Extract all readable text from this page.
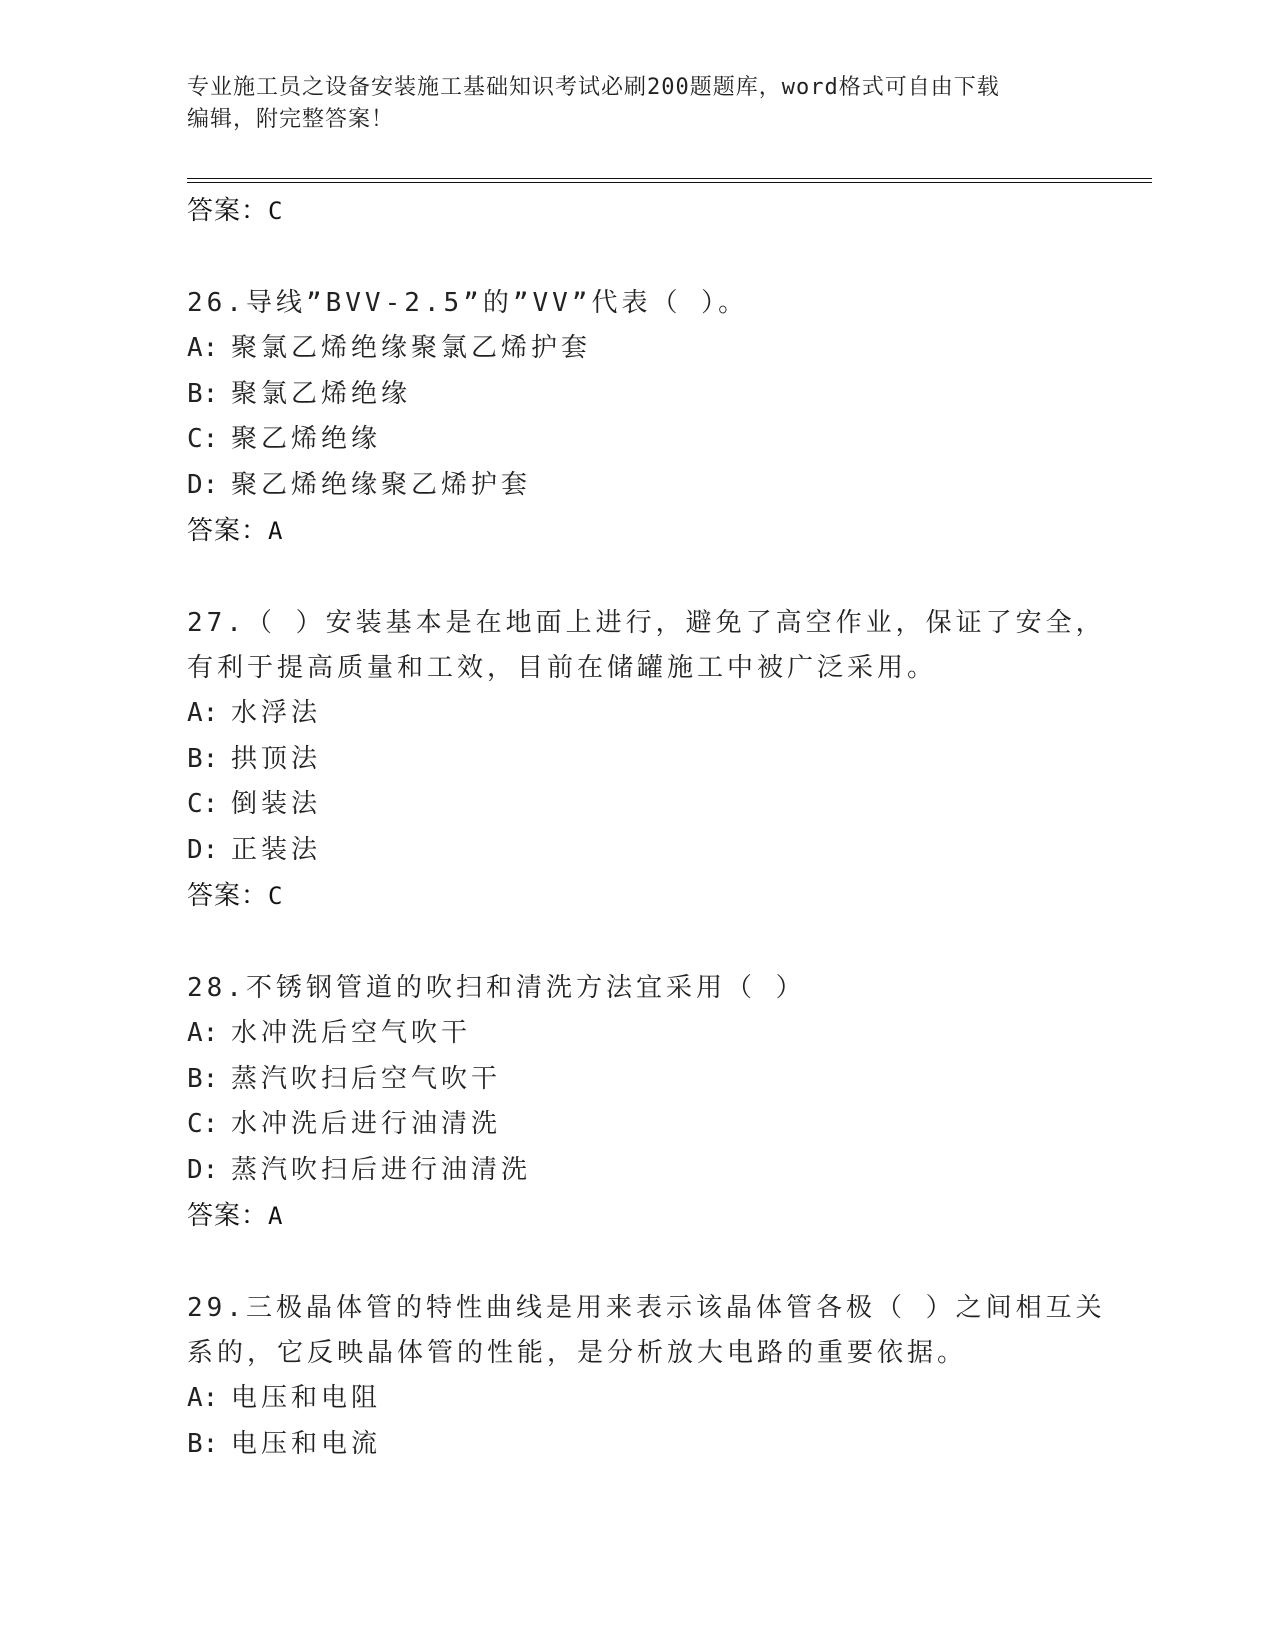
专业施工员之设备安装施工基础知识考试必刷200题题库，word格式可自由下载
编辑，附完整答案！
答案：C
26.导线”BVV-2.5”的”VV”代表（ ）。
A: 聚氯乙烯绝缘聚氯乙烯护套
B: 聚氯乙烯绝缘
C: 聚乙烯绝缘
D: 聚乙烯绝缘聚乙烯护套
答案：A
27.（ ）安装基本是在地面上进行，避免了高空作业，保证了安全，
有利于提高质量和工效，目前在储罐施工中被广泛采用。
A: 水浮法
B: 拱顶法
C: 倒装法
D: 正装法
答案：C
28.不锈钢管道的吹扫和清洗方法宜采用（ ）
A: 水冲洗后空气吹干
B: 蒸汽吹扫后空气吹干
C: 水冲洗后进行油清洗
D: 蒸汽吹扫后进行油清洗
答案：A
29.三极晶体管的特性曲线是用来表示该晶体管各极（ ）之间相互关
系的，它反映晶体管的性能，是分析放大电路的重要依据。
A: 电压和电阻
B: 电压和电流
